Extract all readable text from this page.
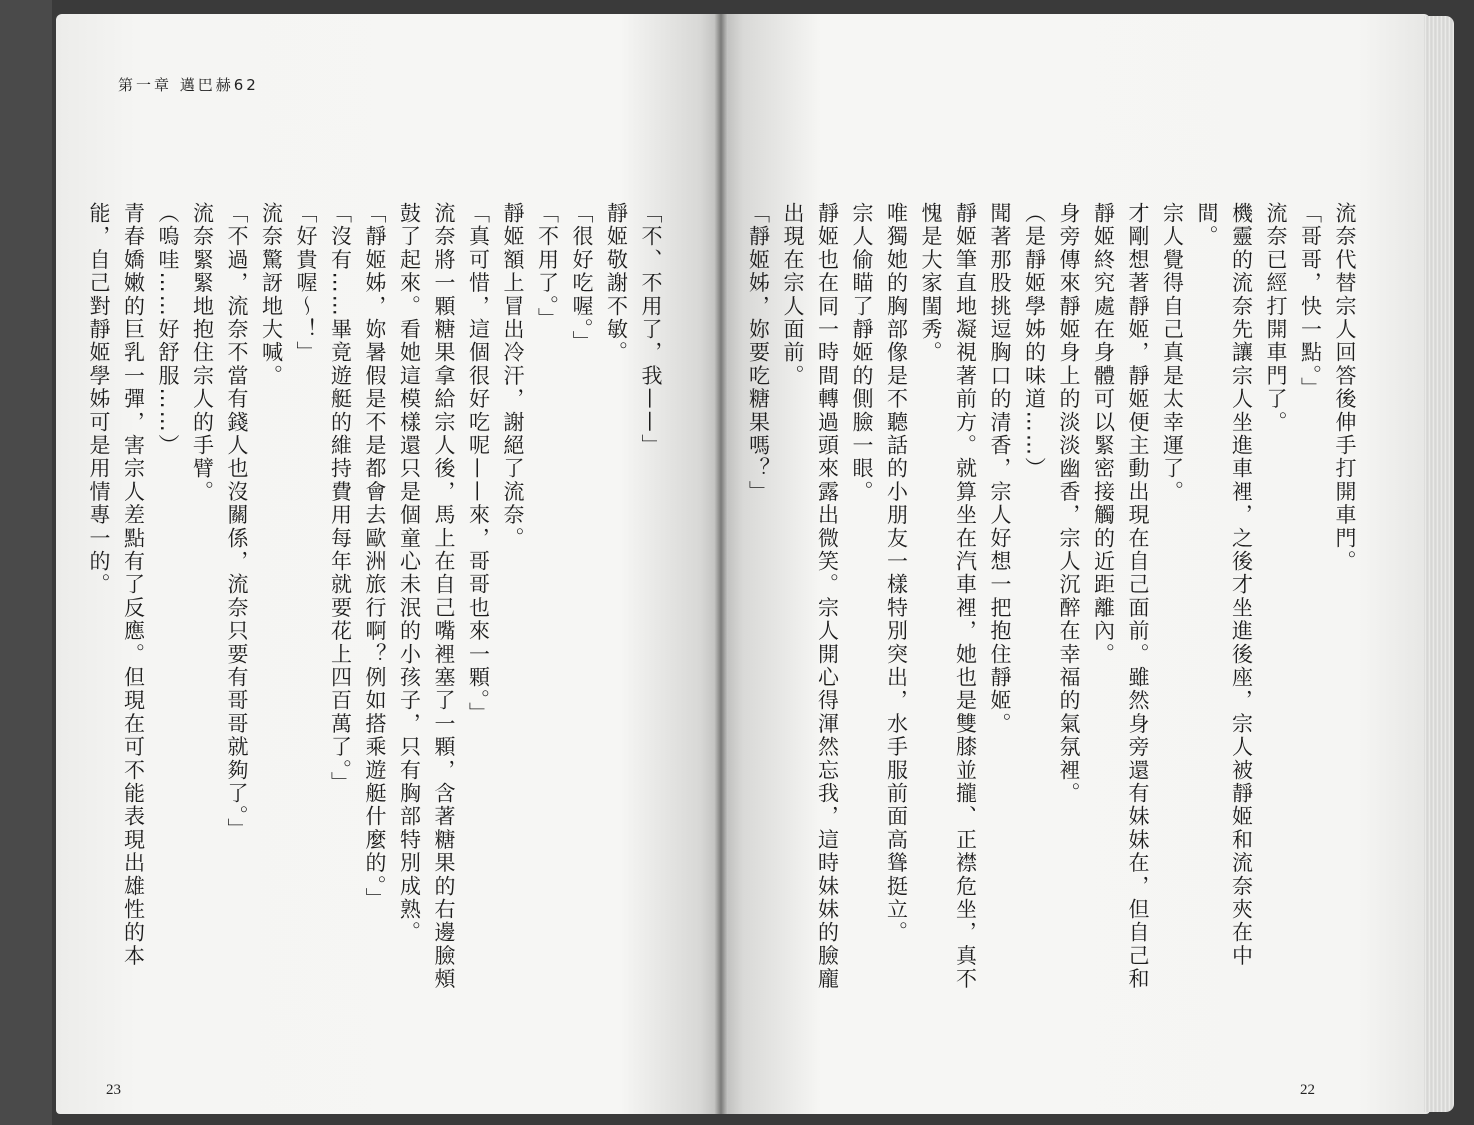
第一章 邁巴赫62

流奈代替宗人回答後伸手打開車門。

「哥哥，快一點。」

流奈已經打開車門了。

機靈的流奈先讓宗人坐進車裡，之後才坐進後座，宗人被靜姬和流奈夾在中間。

宗人覺得自己真是太幸運了。

才剛想著靜姬，靜姬便主動出現在自己面前。雖然身旁還有妹妹在，但自己和靜姬終究處在身體可以緊密接觸的近距離內。

身旁傳來靜姬身上的淡淡幽香，宗人沉醉在幸福的氣氛裡。

（是靜姬學姊的味道……）

聞著那股挑逗胸口的清香，宗人好想一把抱住靜姬。

靜姬筆直地凝視著前方。就算坐在汽車裡，她也是雙膝並攏、正襟危坐，真不愧是大家閨秀。

唯獨她的胸部像是不聽話的小朋友一樣特別突出，水手服前面高聳挺立。

宗人偷瞄了靜姬的側臉一眼。

靜姬也在同一時間轉過頭來露出微笑。宗人開心得渾然忘我，這時妹妹的臉龐出現在宗人面前。

「靜姬姊，妳要吃糖果嗎？」

「不、不用了，我——」

靜姬敬謝不敏。

「很好吃喔。」

「不用了。」

靜姬額上冒出冷汗，謝絕了流奈。

「真可惜，這個很好吃呢——來，哥哥也來一顆。」

流奈將一顆糖果拿給宗人後，馬上在自己嘴裡塞了一顆，含著糖果的右邊臉頰鼓了起來。看她這模樣還只是個童心未泯的小孩子，只有胸部特別成熟。

「靜姬姊，妳暑假是不是都會去歐洲旅行啊？例如搭乘遊艇什麼的。」

「沒有……畢竟遊艇的維持費用每年就要花上四百萬了。」

「好貴喔～！」

流奈驚訝地大喊。

「不過，流奈不當有錢人也沒關係，流奈只要有哥哥就夠了。」

流奈緊緊地抱住宗人的手臂。

（嗚哇……好舒服……）

青春嬌嫩的巨乳一彈，害宗人差點有了反應。但現在可不能表現出雄性的本能，自己對靜姬學姊可是用情專一的。

23	22
